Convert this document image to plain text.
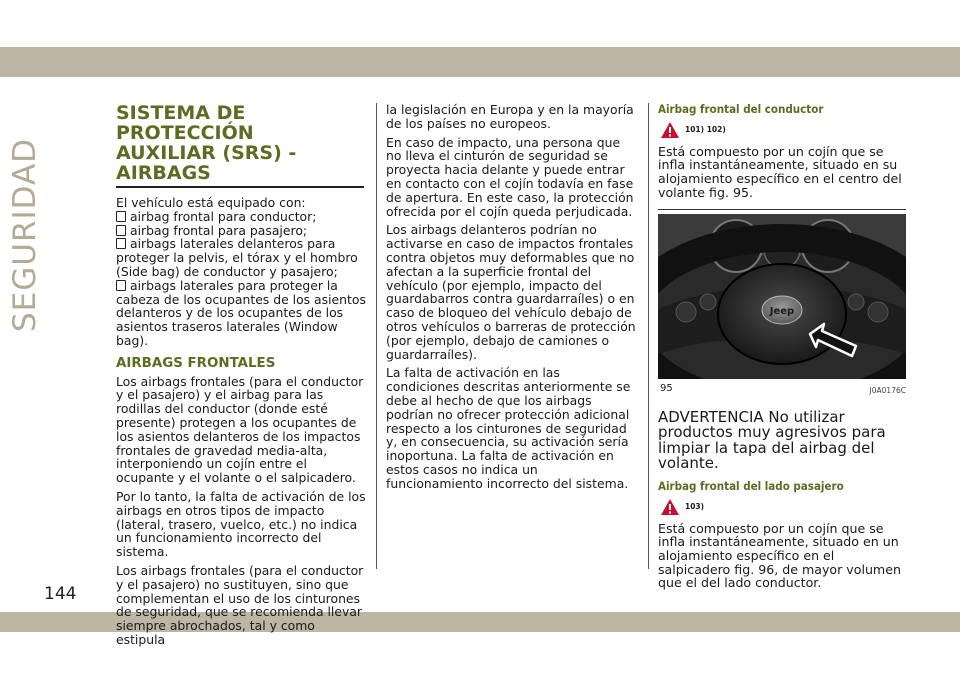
SEGURIDAD
144
SISTEMA DE PROTECCIÓN
AUXILIAR (SRS) - AIRBAGS

El vehículo está equipado con:

airbag frontal para conductor;
airbag frontal para pasajero;
airbags laterales delanteros para proteger la pelvis, el tórax y el hombro (Side bag) de conductor y pasajero;
airbags laterales para proteger la cabeza de los ocupantes de los asientos delanteros y de los ocupantes de los asientos traseros laterales (Window bag).
AIRBAGS FRONTALES

Los airbags frontales (para el conductor y el pasajero) y el airbag para las rodillas del conductor (donde esté presente) protegen a los ocupantes de los asientos delanteros de los impactos frontales de gravedad media-alta, interponiendo un cojín entre el ocupante y el volante o el salpicadero.

Por lo tanto, la falta de activación de los airbags en otros tipos de impacto (lateral, trasero, vuelco, etc.) no indica un funcionamiento incorrecto del sistema.

Los airbags frontales (para el conductor y el pasajero) no sustituyen, sino que complementan el uso de los cinturones de seguridad, que se recomienda llevar siempre abrochados, tal y como estipula

la legislación en Europa y en la mayoría de los países no europeos.

En caso de impacto, una persona que no lleva el cinturón de seguridad se proyecta hacia delante y puede entrar en contacto con el cojín todavía en fase de apertura. En este caso, la protección ofrecida por el cojín queda perjudicada.

Los airbags delanteros podrían no activarse en caso de impactos frontales contra objetos muy deformables que no afectan a la superficie frontal del vehículo (por ejemplo, impacto del guardabarros contra guardarraíles) o en caso de bloqueo del vehículo debajo de otros vehículos o barreras de protección (por ejemplo, debajo de camiones o guardarraíles).

La falta de activación en las condiciones descritas anteriormente se debe al hecho de que los airbags podrían no ofrecer protección adicional respecto a los cinturones de seguridad y, en consecuencia, su activación sería inoportuna. La falta de activación en estos casos no indica un funcionamiento incorrecto del sistema.

Airbag frontal del conductor
101) 102)

Está compuesto por un cojín que se infla instantáneamente, situado en su alojamiento específico en el centro del volante fig. 95.

Jeep
95	J0A0176C

ADVERTENCIA No utilizar productos muy agresivos para limpiar la tapa del airbag del volante.

Airbag frontal del lado pasajero
103)

Está compuesto por un cojín que se infla instantáneamente, situado en un alojamiento específico en el salpicadero fig. 96, de mayor volumen que el del lado conductor.
